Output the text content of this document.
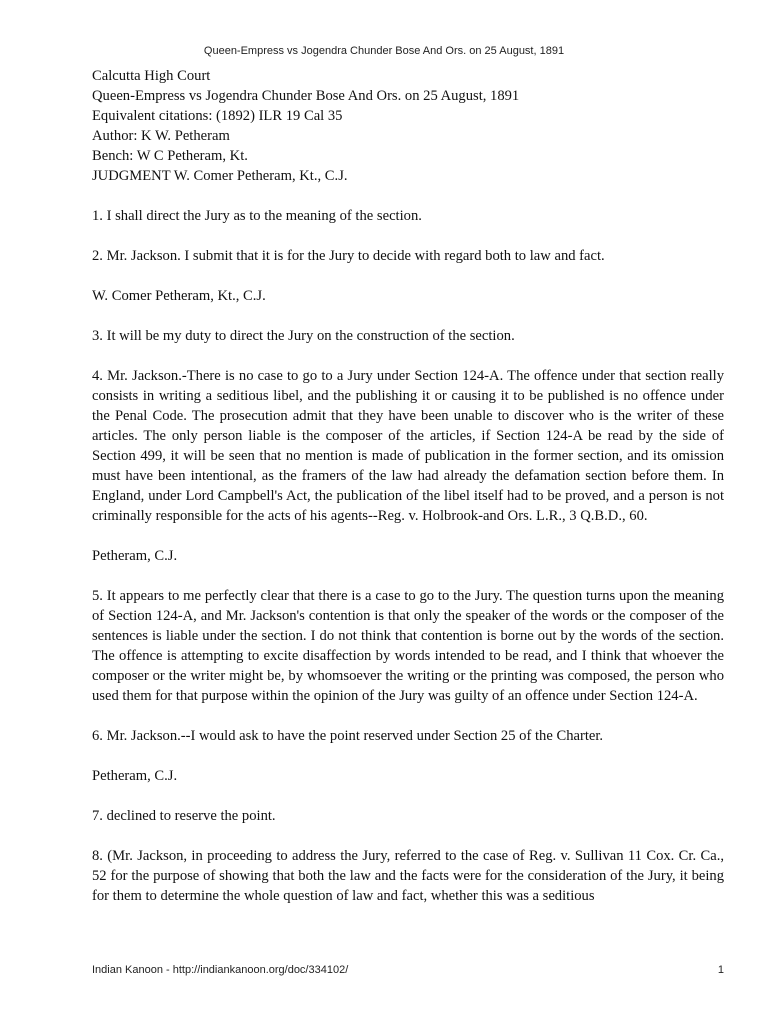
Queen-Empress vs Jogendra Chunder Bose And Ors. on 25 August, 1891
Calcutta High Court
Queen-Empress vs Jogendra Chunder Bose And Ors. on 25 August, 1891
Equivalent citations: (1892) ILR 19 Cal 35
Author: K W. Petheram
Bench: W C Petheram, Kt.
JUDGMENT W. Comer Petheram, Kt., C.J.

1. I shall direct the Jury as to the meaning of the section.

2. Mr. Jackson. I submit that it is for the Jury to decide with regard both to law and fact.

W. Comer Petheram, Kt., C.J.

3. It will be my duty to direct the Jury on the construction of the section.

4. Mr. Jackson.-There is no case to go to a Jury under Section 124-A. The offence under that section really consists in writing a seditious libel, and the publishing it or causing it to be published is no offence under the Penal Code. The prosecution admit that they have been unable to discover who is the writer of these articles. The only person liable is the composer of the articles, if Section 124-A be read by the side of Section 499, it will be seen that no mention is made of publication in the former section, and its omission must have been intentional, as the framers of the law had already the defamation section before them. In England, under Lord Campbell's Act, the publication of the libel itself had to be proved, and a person is not criminally responsible for the acts of his agents--Reg. v. Holbrook-and Ors. L.R., 3 Q.B.D., 60.

Petheram, C.J.

5. It appears to me perfectly clear that there is a case to go to the Jury. The question turns upon the meaning of Section 124-A, and Mr. Jackson's contention is that only the speaker of the words or the composer of the sentences is liable under the section. I do not think that contention is borne out by the words of the section. The offence is attempting to excite disaffection by words intended to be read, and I think that whoever the composer or the writer might be, by whomsoever the writing or the printing was composed, the person who used them for that purpose within the opinion of the Jury was guilty of an offence under Section 124-A.

6. Mr. Jackson.--I would ask to have the point reserved under Section 25 of the Charter.

Petheram, C.J.

7. declined to reserve the point.

8. (Mr. Jackson, in proceeding to address the Jury, referred to the case of Reg. v. Sullivan 11 Cox. Cr. Ca., 52 for the purpose of showing that both the law and the facts were for the consideration of the Jury, it being for them to determine the whole question of law and fact, whether this was a seditious

Indian Kanoon - http://indiankanoon.org/doc/334102/	1
